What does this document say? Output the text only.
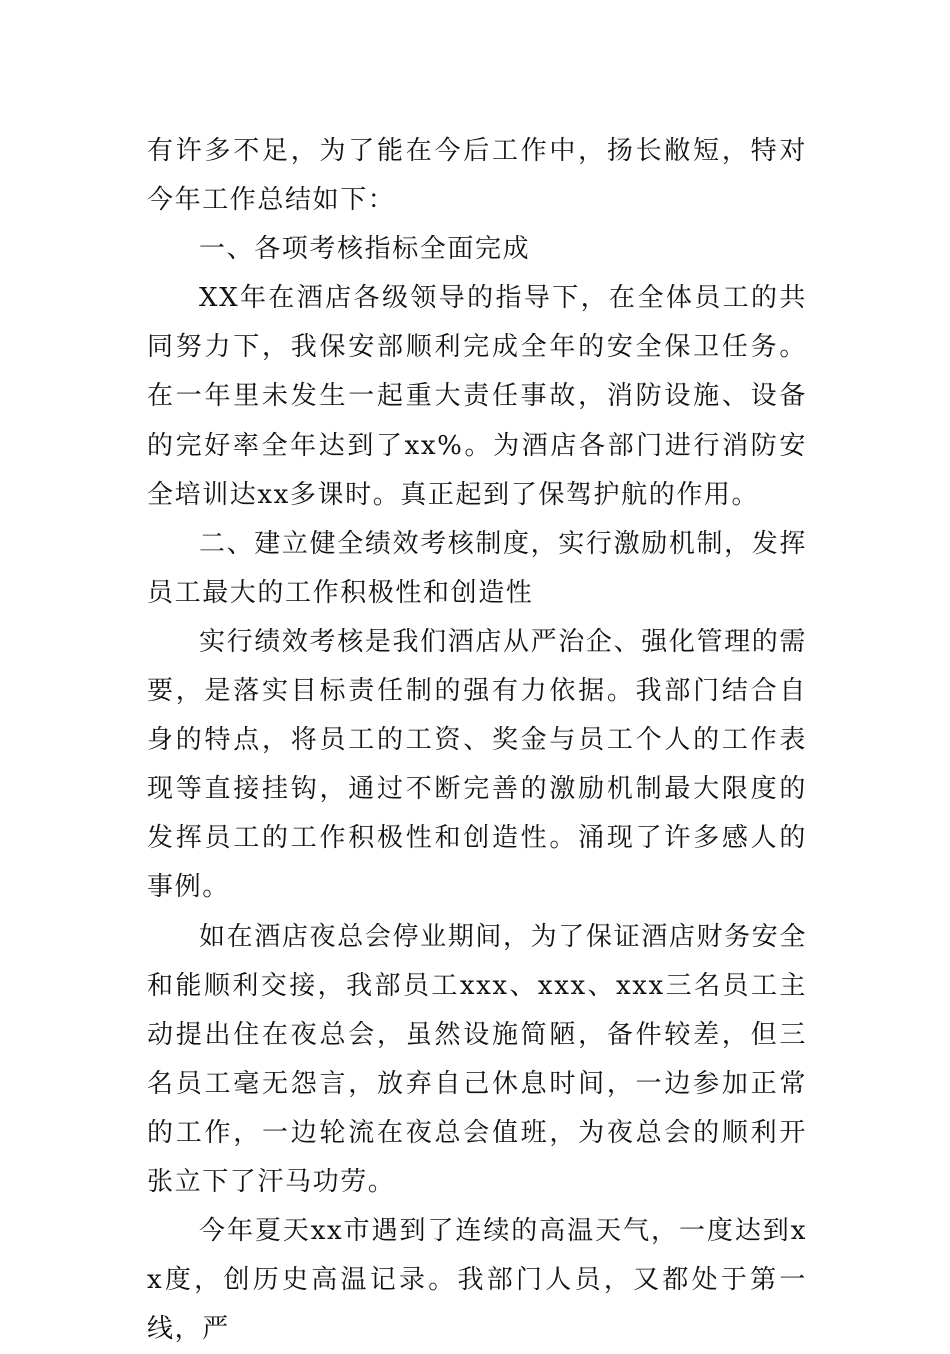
有许多不足，为了能在今后工作中，扬长敝短，特对今年工作总结如下：

一、各项考核指标全面完成

XX年在酒店各级领导的指导下，在全体员工的共同努力下，我保安部顺利完成全年的安全保卫任务。在一年里未发生一起重大责任事故，消防设施、设备的完好率全年达到了xx%。为酒店各部门进行消防安全培训达xx多课时。真正起到了保驾护航的作用。

二、建立健全绩效考核制度，实行激励机制，发挥员工最大的工作积极性和创造性

实行绩效考核是我们酒店从严治企、强化管理的需要，是落实目标责任制的强有力依据。我部门结合自身的特点，将员工的工资、奖金与员工个人的工作表现等直接挂钩，通过不断完善的激励机制最大限度的发挥员工的工作积极性和创造性。涌现了许多感人的事例。

如在酒店夜总会停业期间，为了保证酒店财务安全和能顺利交接，我部员工xxx、xxx、xxx三名员工主动提出住在夜总会，虽然设施简陋，备件较差，但三名员工毫无怨言，放弃自己休息时间，一边参加正常的工作，一边轮流在夜总会值班，为夜总会的顺利开张立下了汗马功劳。

今年夏天xx市遇到了连续的高温天气，一度达到xx度，创历史高温记录。我部门人员，又都处于第一线，严
